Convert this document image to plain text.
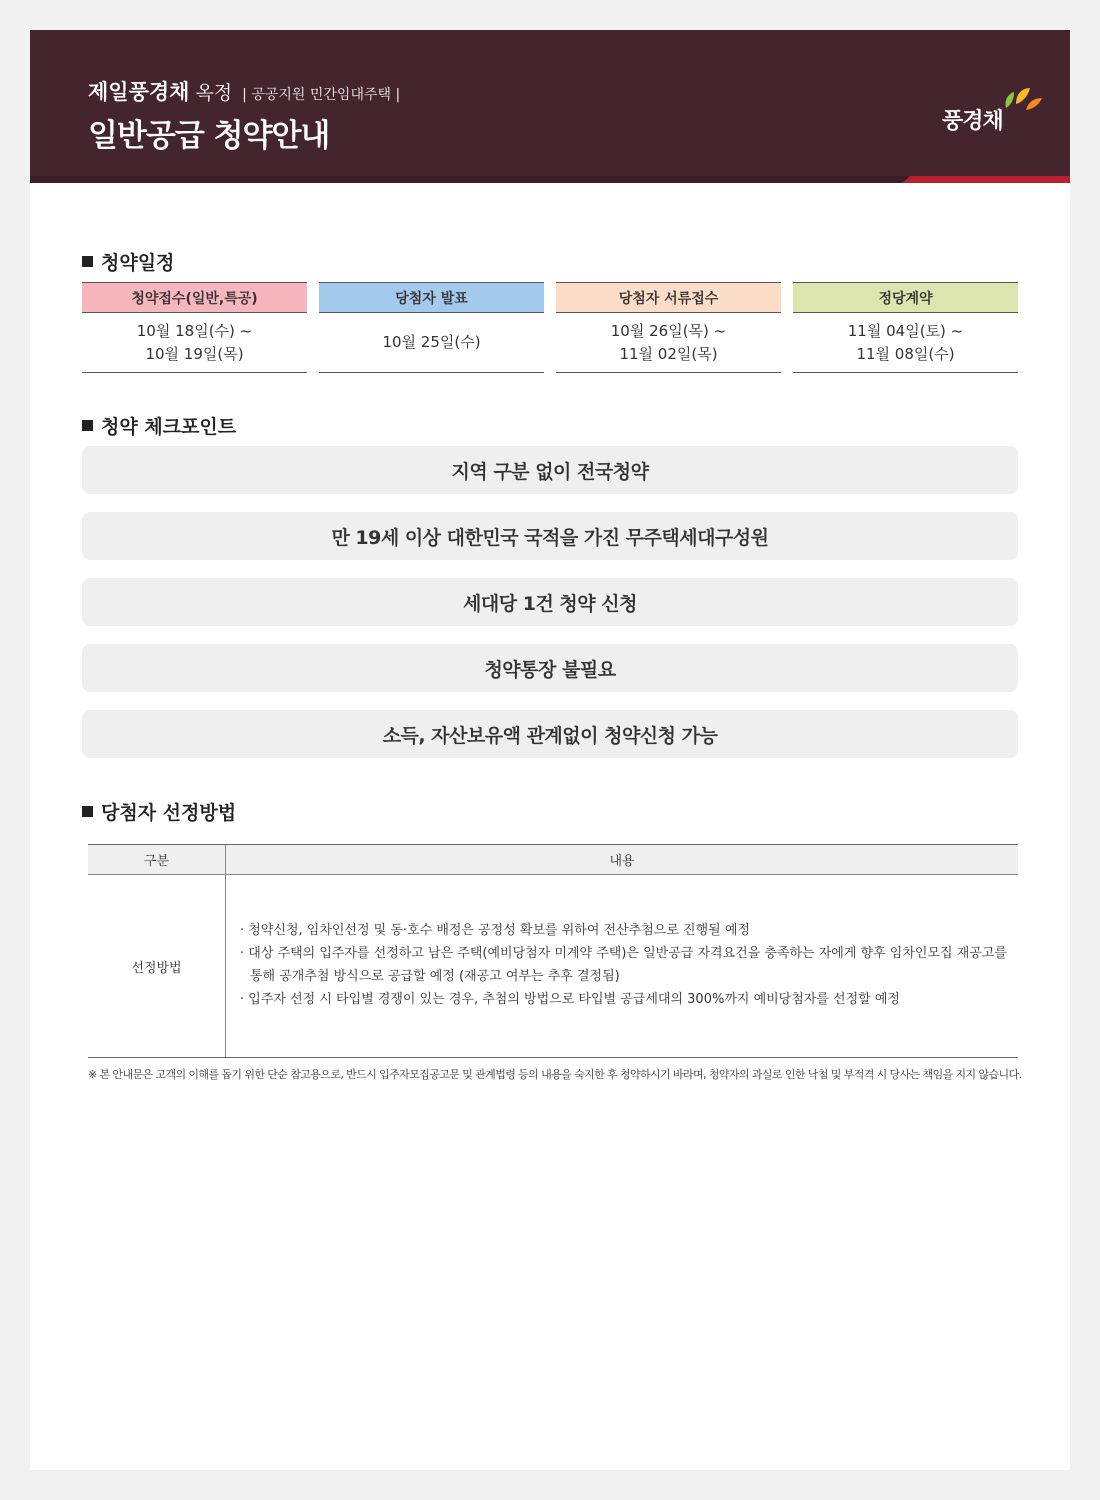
제일풍경채 옥정 | 공공지원 민간임대주택 |
일반공급 청약안내	풍경채
청약일정
청약접수(일반,특공)
10월 18일(수) ~
10월 19일(목)
당첨자 발표
10월 25일(수)
당첨자 서류접수
10월 26일(목) ~
11월 02일(목)
정당계약
11월 04일(토) ~
11월 08일(수)
청약 체크포인트
지역 구분 없이 전국청약
만 19세 이상 대한민국 국적을 가진 무주택세대구성원
세대당 1건 청약 신청
청약통장 불필요
소득, 자산보유액 관계없이 청약신청 가능
당첨자 선정방법
구분	내용
선정방법
· 청약신청, 임차인선정 및 동·호수 배정은 공정성 확보를 위하여 전산추첨으로 진행될 예정
· 대상 주택의 입주자를 선정하고 남은 주택(예비당첨자 미계약 주택)은 일반공급 자격요건을 충족하는 자에게 향후 임차인모집 재공고를 통해 공개추첨 방식으로 공급할 예정 (재공고 여부는 추후 결정됨)
· 입주자 선정 시 타입별 경쟁이 있는 경우, 추첨의 방법으로 타입별 공급세대의 300%까지 예비당첨자를 선정할 예정
※ 본 안내문은 고객의 이해를 돕기 위한 단순 참고용으로, 반드시 입주자모집공고문 및 관계법령 등의 내용을 숙지한 후 청약하시기 바라며, 청약자의 과실로 인한 낙첨 및 부적격 시 당사는 책임을 지지 않습니다.
